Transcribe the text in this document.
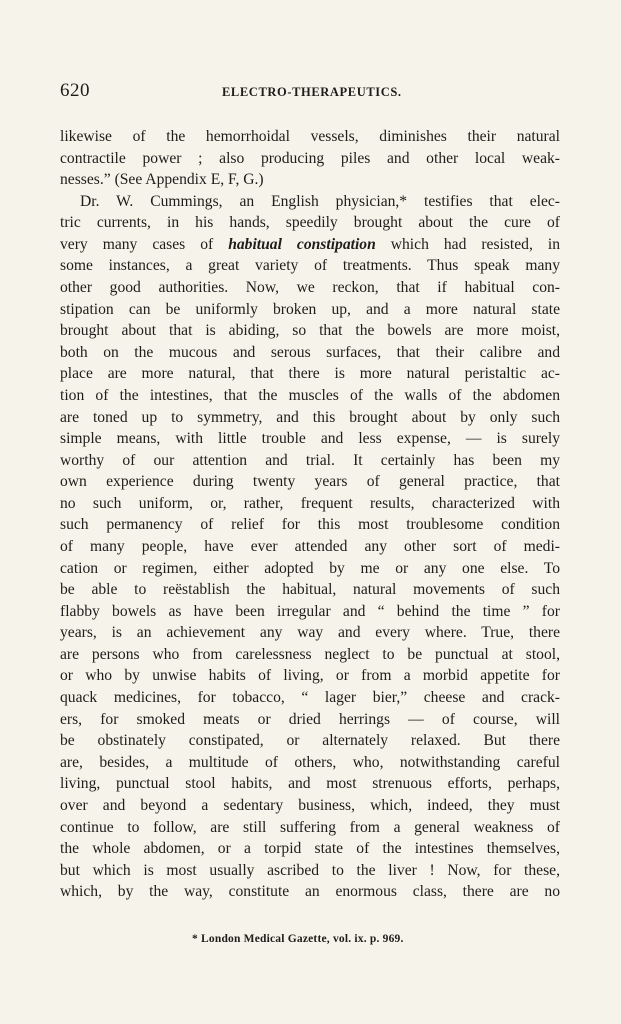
620	ELECTRO-THERAPEUTICS.
likewise of the hemorrhoidal vessels, diminishes their natural
contractile power ; also producing piles and other local weak-
nesses.” (See Appendix E, F, G.)
Dr. W. Cummings, an English physician,* testifies that elec-
tric currents, in his hands, speedily brought about the cure of
very many cases of habitual constipation which had resisted, in
some instances, a great variety of treatments. Thus speak many
other good authorities. Now, we reckon, that if habitual con-
stipation can be uniformly broken up, and a more natural state
brought about that is abiding, so that the bowels are more moist,
both on the mucous and serous surfaces, that their calibre and
place are more natural, that there is more natural peristaltic ac-
tion of the intestines, that the muscles of the walls of the abdomen
are toned up to symmetry, and this brought about by only such
simple means, with little trouble and less expense, — is surely
worthy of our attention and trial. It certainly has been my
own experience during twenty years of general practice, that
no such uniform, or, rather, frequent results, characterized with
such permanency of relief for this most troublesome condition
of many people, have ever attended any other sort of medi-
cation or regimen, either adopted by me or any one else. To
be able to reëstablish the habitual, natural movements of such
flabby bowels as have been irregular and “ behind the time ” for
years, is an achievement any way and every where. True, there
are persons who from carelessness neglect to be punctual at stool,
or who by unwise habits of living, or from a morbid appetite for
quack medicines, for tobacco, “ lager bier,” cheese and crack-
ers, for smoked meats or dried herrings — of course, will
be obstinately constipated, or alternately relaxed. But there
are, besides, a multitude of others, who, notwithstanding careful
living, punctual stool habits, and most strenuous efforts, perhaps,
over and beyond a sedentary business, which, indeed, they must
continue to follow, are still suffering from a general weakness of
the whole abdomen, or a torpid state of the intestines themselves,
but which is most usually ascribed to the liver ! Now, for these,
which, by the way, constitute an enormous class, there are no
* London Medical Gazette, vol. ix. p. 969.
